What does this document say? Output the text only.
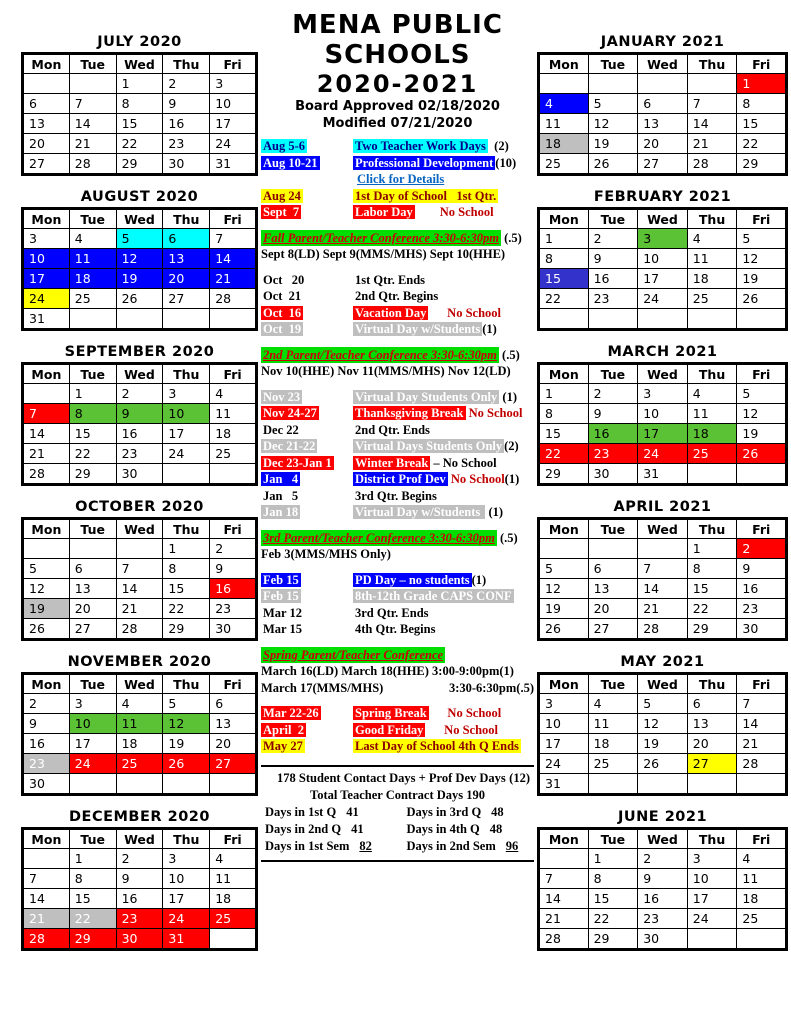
JULY 2020
Mon	Tue	Wed	Thu	Fri
		1	2	3
6	7	8	9	10
13	14	15	16	17
20	21	22	23	24
27	28	29	30	31
AUGUST 2020
Mon	Tue	Wed	Thu	Fri
3	4	5	6	7
10	11	12	13	14
17	18	19	20	21
24	25	26	27	28
31				
SEPTEMBER 2020
Mon	Tue	Wed	Thu	Fri
	1	2	3	4
7	8	9	10	11
14	15	16	17	18
21	22	23	24	25
28	29	30		
OCTOBER 2020
Mon	Tue	Wed	Thu	Fri
			1	2
5	6	7	8	9
12	13	14	15	16
19	20	21	22	23
26	27	28	29	30
NOVEMBER 2020
Mon	Tue	Wed	Thu	Fri
2	3	4	5	6
9	10	11	12	13
16	17	18	19	20
23	24	25	26	27
30				
DECEMBER 2020
Mon	Tue	Wed	Thu	Fri
	1	2	3	4
7	8	9	10	11
14	15	16	17	18
21	22	23	24	25
28	29	30	31	
MENA PUBLIC SCHOOLS
2020-2021
Board Approved 02/18/2020
Modified 07/21/2020
Aug 5-6	Two Teacher Work Days (2)
Aug 10-21	Professional Development (10)
Click for Details
Aug 24	1st Day of School   1st Qtr.
Sept  7	Labor Day No School
Fall Parent/Teacher Conference 3:30-6:30pm (.5)
Sept 8(LD) Sept 9(MMS/MHS) Sept 10(HHE)
Oct   20	1st Qtr. Ends
Oct  21	2nd Qtr. Begins
Oct  16	Vacation Day No School
Oct  19	Virtual Day w/Students (1)
2nd Parent/Teacher Conference 3:30-6:30pm (.5)
Nov 10(HHE) Nov 11(MMS/MHS) Nov 12(LD)
Nov 23	Virtual Day Students Only (1)
Nov 24-27	Thanksgiving Break No School
Dec 22	2nd Qtr. Ends
Dec 21-22	Virtual Days Students Only (2)
Dec 23-Jan 1	Winter Break – No School
Jan   4	District Prof Dev No School (1)
Jan   5	3rd Qtr. Begins
Jan 18	Virtual Day w/Students (1)
3rd Parent/Teacher Conference 3:30-6:30pm (.5)
Feb 3(MMS/MHS Only)
Feb 15	PD Day – no students (1)
Feb 15	8th-12th Grade CAPS CONF
Mar 12	3rd Qtr. Ends
Mar 15	4th Qtr. Begins
Spring Parent/Teacher Conference
March 16(LD) March 18(HHE) 3:00-9:00pm(1)
March 17(MMS/MHS)	3:30-6:30pm(.5)
Mar 22-26	Spring Break No School
April  2	Good Friday No School
May 27	Last Day of School 4th Q Ends
178 Student Contact Days + Prof Dev Days (12)
Total Teacher Contract Days 190
Days in 1st Q 41	Days in 3rd Q 48
Days in 2nd Q 41	Days in 4th Q 48
Days in 1st Sem 82	Days in 2nd Sem 96
JANUARY 2021
Mon	Tue	Wed	Thu	Fri
				1
4	5	6	7	8
11	12	13	14	15
18	19	20	21	22
25	26	27	28	29
FEBRUARY 2021
Mon	Tue	Wed	Thu	Fri
1	2	3	4	5
8	9	10	11	12
15	16	17	18	19
22	23	24	25	26

MARCH 2021
Mon	Tue	Wed	Thu	Fri
1	2	3	4	5
8	9	10	11	12
15	16	17	18	19
22	23	24	25	26
29	30	31		
APRIL 2021
Mon	Tue	Wed	Thu	Fri
			1	2
5	6	7	8	9
12	13	14	15	16
19	20	21	22	23
26	27	28	29	30
MAY 2021
Mon	Tue	Wed	Thu	Fri
3	4	5	6	7
10	11	12	13	14
17	18	19	20	21
24	25	26	27	28
31				
JUNE 2021
Mon	Tue	Wed	Thu	Fri
	1	2	3	4
7	8	9	10	11
14	15	16	17	18
21	22	23	24	25
28	29	30		
